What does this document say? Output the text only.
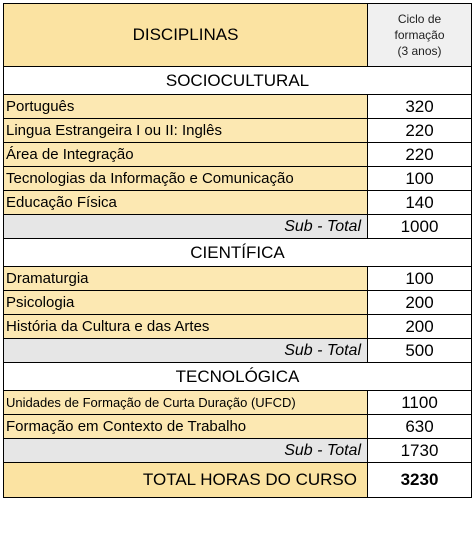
DISCIPLINAS	Ciclo de
formação
(3 anos)

SOCIOCULTURAL	
Português	320
Lingua Estrangeira I ou II: Inglês	220
Área de Integração	220
Tecnologias da Informação e Comunicação	100
Educação Física	140
Sub - Total	1000
CIENTÍFICA	
Dramaturgia	100
Psicologia	200
História da Cultura e das Artes	200
Sub - Total	500
TECNOLÓGICA	
Unidades de Formação de Curta Duração (UFCD)	1100
Formação em Contexto de Trabalho	630
Sub - Total	1730
TOTAL HORAS DO CURSO	3230
